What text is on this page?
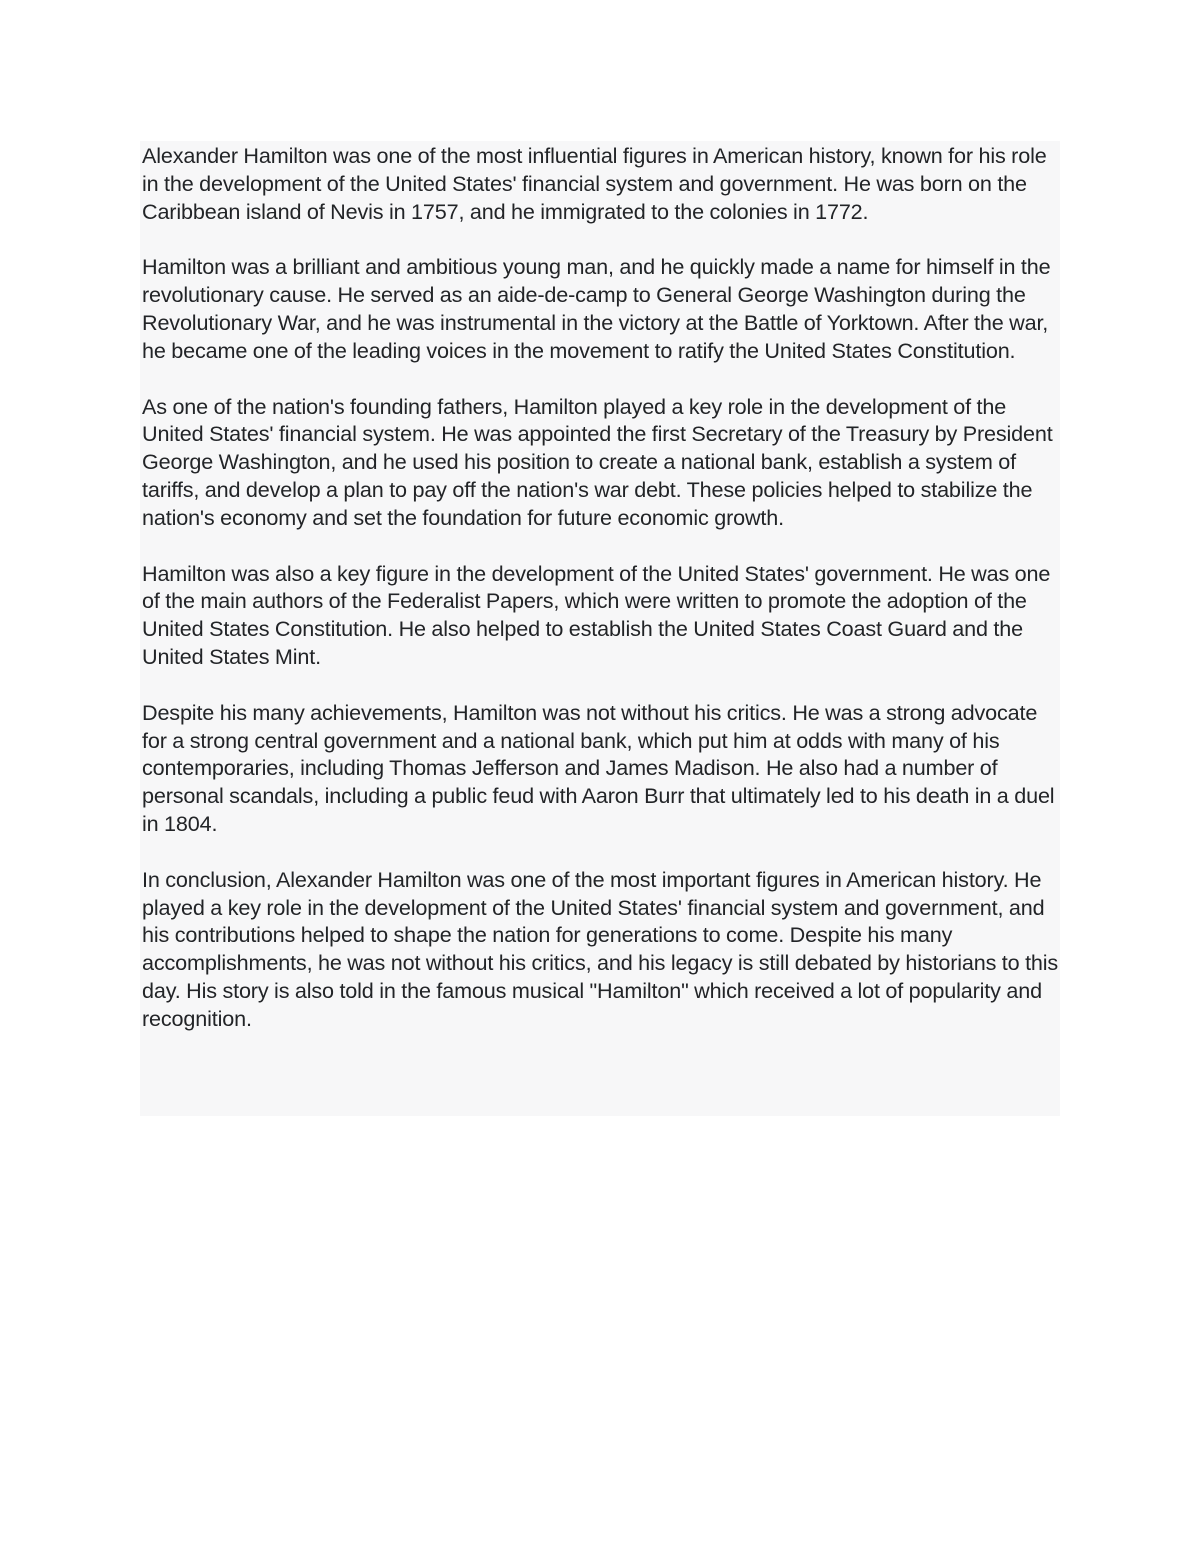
Alexander Hamilton was one of the most influential figures in American history, known for his role in the development of the United States' financial system and government. He was born on the Caribbean island of Nevis in 1757, and he immigrated to the colonies in 1772.

Hamilton was a brilliant and ambitious young man, and he quickly made a name for himself in the revolutionary cause. He served as an aide-de-camp to General George Washington during the Revolutionary War, and he was instrumental in the victory at the Battle of Yorktown. After the war, he became one of the leading voices in the movement to ratify the United States Constitution.

As one of the nation's founding fathers, Hamilton played a key role in the development of the United States' financial system. He was appointed the first Secretary of the Treasury by President George Washington, and he used his position to create a national bank, establish a system of tariffs, and develop a plan to pay off the nation's war debt. These policies helped to stabilize the nation's economy and set the foundation for future economic growth.

Hamilton was also a key figure in the development of the United States' government. He was one of the main authors of the Federalist Papers, which were written to promote the adoption of the United States Constitution. He also helped to establish the United States Coast Guard and the United States Mint.

Despite his many achievements, Hamilton was not without his critics. He was a strong advocate for a strong central government and a national bank, which put him at odds with many of his contemporaries, including Thomas Jefferson and James Madison. He also had a number of personal scandals, including a public feud with Aaron Burr that ultimately led to his death in a duel in 1804.

In conclusion, Alexander Hamilton was one of the most important figures in American history. He played a key role in the development of the United States' financial system and government, and his contributions helped to shape the nation for generations to come. Despite his many accomplishments, he was not without his critics, and his legacy is still debated by historians to this day. His story is also told in the famous musical "Hamilton" which received a lot of popularity and recognition.
